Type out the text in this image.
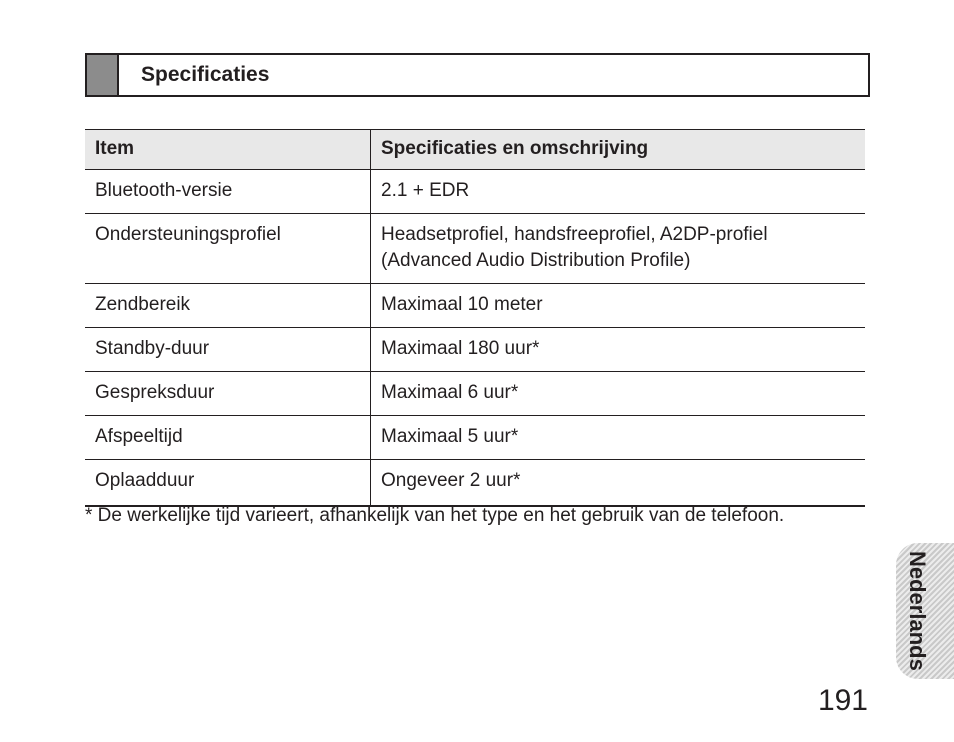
Specificaties
Item	Specificaties en omschrijving
Bluetooth-versie	2.1 + EDR
Ondersteuningsprofiel	Headsetprofiel, handsfreeprofiel, A2DP-profiel
(Advanced Audio Distribution Profile)

Zendbereik	Maximaal 10 meter
Standby-duur	Maximaal 180 uur*
Gespreksduur	Maximaal 6 uur*
Afspeeltijd	Maximaal 5 uur*
Oplaadduur	Ongeveer 2 uur*
* De werkelijke tijd varieert, afhankelijk van het type en het gebruik van de telefoon.
Nederlands
191
